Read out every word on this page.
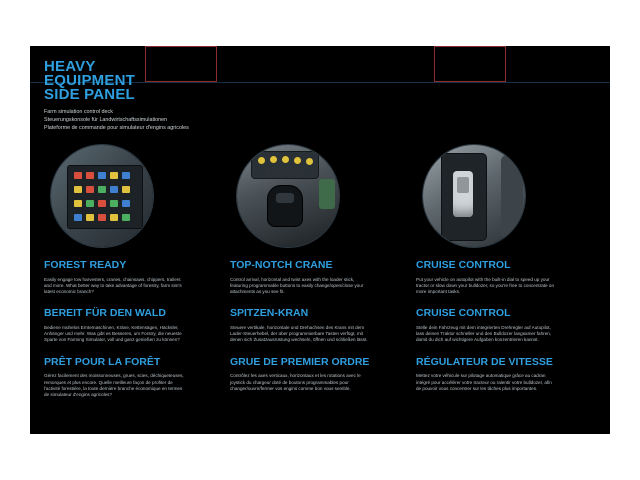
HEAVY
EQUIPMENT
SIDE PANEL
Farm simulation control deck
Steuerungskonsole für Landwirtschaftssimulationen
Plateforme de commande pour simulateur d'engins agricoles
FOREST READY
Easily engage tow harvesters, cranes, chainsaws, chippers, trailers and more. What better way to take advantage of forestry, farm sim's latest economic branch?
BEREIT FÜR DEN WALD
Bediene mühelos Erntemaschinen, Kräne, Kettensägen, Häcksler, Anhänger und mehr. Was gibt es Besseres, um Forstry, die neueste Sparte von Farming Simulator, voll und ganz genießen zu können?
PRÊT POUR LA FORÊT
Gérez facilement des moissonneuses, grues, scies, déchiqueteuses, remorques et plus encore. Quelle meilleure façon de profiter de l'activité forestière, la toute dernière branche économique en termes de simulateur d'engins agricoles?
TOP-NOTCH CRANE
Control arrival, horizontal and twist axes with the loader stick, featuring programmable buttons to easily change/open/close your attachments as you see fit.
SPITZEN-KRAN
Steuere vertikale, horizontale und Drehachsen des Krans mit dem Lader-Steuerhebel, der über programmierbare Tasten verfügt, mit denen sich Zusatzausrüstung wechseln, öffnen und schließen lässt.
GRUE DE PREMIER ORDRE
Contrôlez les axes verticaux, horizontaux et les rotations avec le joystick du chargeur doté de boutons programmables pour changer/ouvrir/fermer vos engins comme bon vous semble.
CRUISE CONTROL
Put your vehicle on autopilot with the built-in dial to speed up your tractor or slow down your bulldozer, so you're free to concentrate on more important tasks.
CRUISE CONTROL
Stelle dein Fahrzeug mit dem integrierten Drehregler auf Autopilot, lass deinen Traktor schneller und den Bulldozer langsamer fahren, damit du dich auf wichtigere Aufgaben konzentrieren kannst.
RÉGULATEUR DE VITESSE
Mettez votre véhicule sur pilotage automatique grâce au cadran intégré pour accélérer votre tracteur ou ralentir votre bulldozer, afin de pouvoir vous concentrer sur les tâches plus importantes.
